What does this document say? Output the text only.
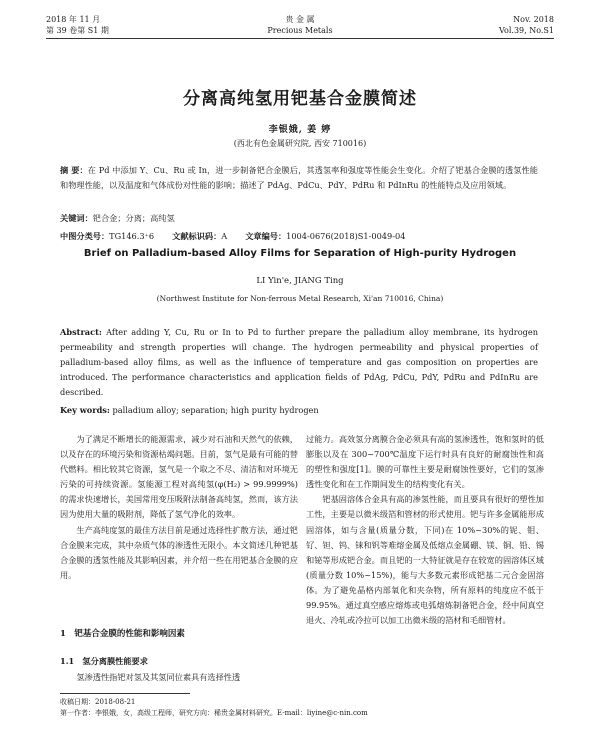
2018 年 11 月
第 39 卷第 S1 期
贵 金 属
Precious Metals
Nov. 2018
Vol.39, No.S1
分离高纯氢用钯基合金膜简述
李银娥, 姜 婷
(西北有色金属研究院, 西安 710016)
摘 要：在 Pd 中添加 Y、Cu、Ru 或 In，进一步制备钯合金膜后，其透氢率和强度等性能会生变化。介绍了钯基合金膜的透氢性能和物理性能，以及温度和气体成份对性能的影响；描述了 PdAg、PdCu、PdY、PdRu 和 PdInRu 的性能特点及应用领域。
关键词：钯合金；分离；高纯氢
中图分类号：TG146.3⁺6 文献标识码：A 文章编号：1004-0676(2018)S1-0049-04
Brief on Palladium-based Alloy Films for Separation of High-purity Hydrogen
LI Yin'e, JIANG Ting
(Northwest Institute for Non-ferrous Metal Research, Xi'an 710016, China)
Abstract: After adding Y, Cu, Ru or In to Pd to further prepare the palladium alloy membrane, its hydrogen permeability and strength properties will change. The hydrogen permeability and physical properties of palladium-based alloy films, as well as the influence of temperature and gas composition on properties are introduced. The performance characteristics and application fields of PdAg, PdCu, PdY, PdRu and PdInRu are described.
Key words: palladium alloy; separation; high purity hydrogen

为了满足不断增长的能源需求，减少对石油和天然气的依赖，以及存在的环境污染和资源枯竭问题。目前，氢气是最有可能的替代燃料。相比较其它资源，氢气是一个取之不尽、清洁和对环境无污染的可持续资源。氢能源工程对高纯氢(φ(H₂) > 99.9999%)的需求快速增长，美国常用变压吸附法制备高纯氢，然而，该方法因为使用大量的吸附剂，降低了氢气净化的效率。

生产高纯度氢的最佳方法目前是通过选择性扩散方法，通过钯合金膜来完成，其中杂质气体的渗透性无限小。本文简述几种钯基合金膜的透氢性能及其影响因素，并介绍一些在用钯基合金膜的应用。

1　钯基合金膜的性能和影响因素
1.1　氢分离膜性能要求
氢渗透性指钯对氢及其氢同位素具有选择性透

过能力。高效氢分离膜合金必须具有高的氢渗透性，饱和氢时的低膨胀以及在 300~700℃温度下运行时具有良好的耐腐蚀性和高的塑性和强度[1]。膜的可靠性主要是耐腐蚀性要好，它们的氢渗透性变化和在工作期间发生的结构变化有关。

钯基固溶体合金具有高的渗氢性能，而且要具有很好的塑性加工性，主要是以微米级箔和管材的形式使用。钯与许多金属能形成固溶体，如与含量(质量分数，下同)在 10%~30%的铌、钼、钌、钽、钨、铼和钒等难熔金属及低熔点金属硼、镁、铜、铅、锡和铋等形成钯合金。而且钯的一大特征就是存在较宽的固溶体区域(质量分数 10%~15%)，能与大多数元素形成钯基二元合金固溶体。为了避免晶格内部氧化和夹杂物，所有原料的纯度应不低于 99.95%。通过真空感应熔炼或电弧熔炼制备钯合金，经中间真空退火、冷轧或冷拉可以加工出微米级的箔材和毛细管材。

收稿日期：2018-08-21
第一作者：李银娥，女，高级工程师，研究方向：稀贵金属材料研究。E-mail：liyine@c-nin.com
